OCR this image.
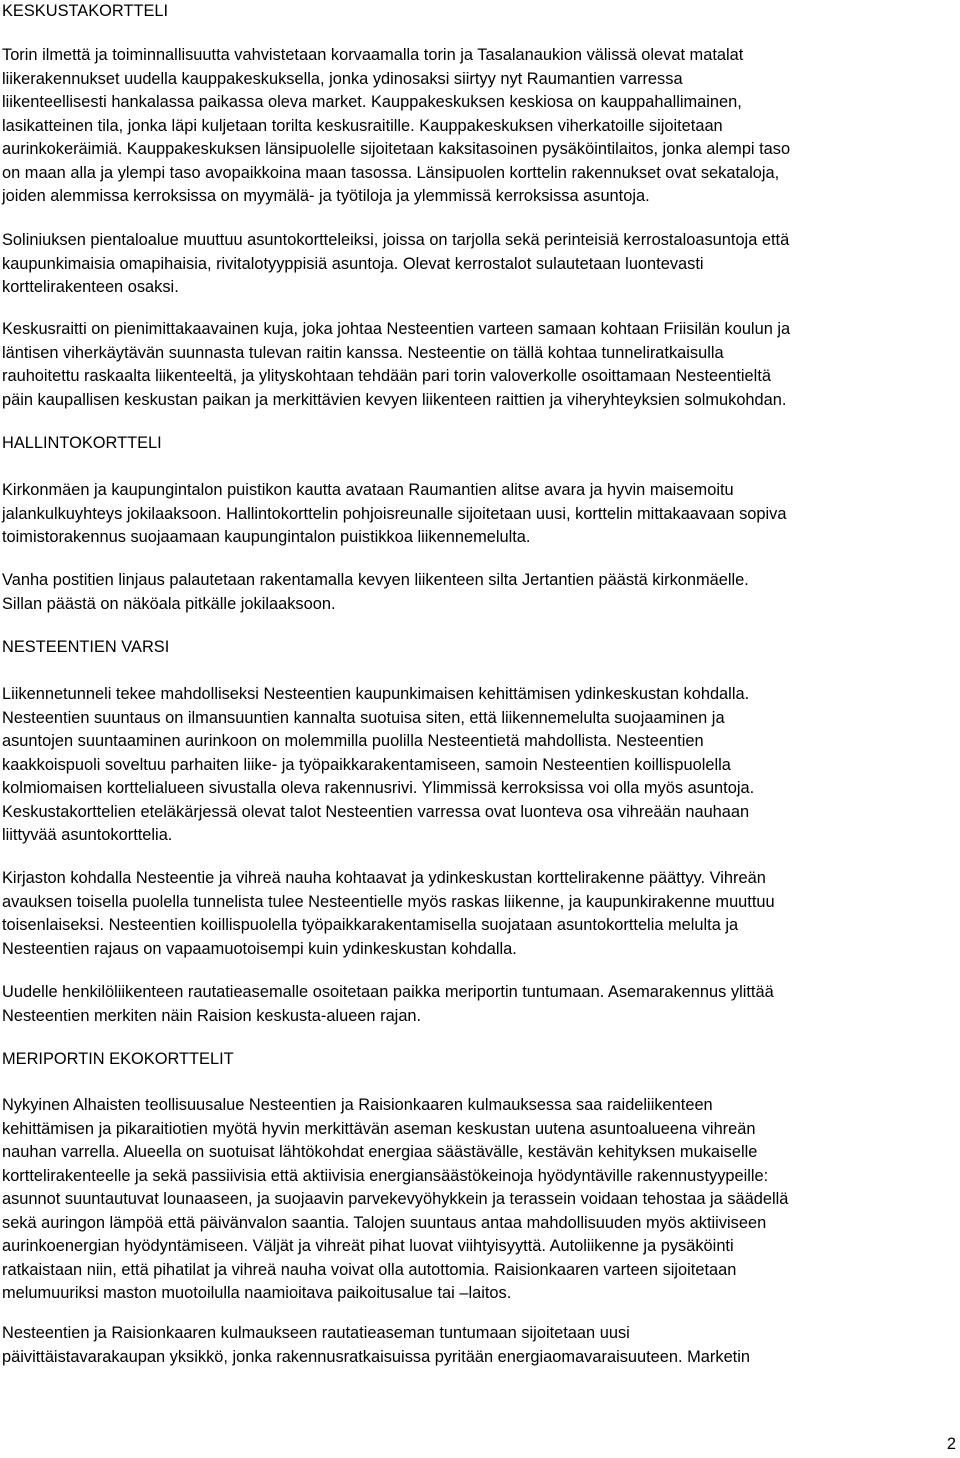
KESKUSTAKORTTELI

Torin ilmettä ja toiminnallisuutta vahvistetaan korvaamalla torin ja Tasalanaukion välissä olevat matalat
liikerakennukset uudella kauppakeskuksella, jonka ydinosaksi siirtyy nyt Raumantien varressa
liikenteellisesti hankalassa paikassa oleva market. Kauppakeskuksen keskiosa on kauppahallimainen,
lasikatteinen tila, jonka läpi kuljetaan torilta keskusraitille. Kauppakeskuksen viherkatoille sijoitetaan
aurinkokeräimiä. Kauppakeskuksen länsipuolelle sijoitetaan kaksitasoinen pysäköintilaitos, jonka alempi taso
on maan alla ja ylempi taso avopaikkoina maan tasossa. Länsipuolen korttelin rakennukset ovat sekataloja,
joiden alemmissa kerroksissa on myymälä- ja työtiloja ja ylemmissä kerroksissa asuntoja.

Soliniuksen pientaloalue muuttuu asuntokortteleiksi, joissa on tarjolla sekä perinteisiä kerrostaloasuntoja että
kaupunkimaisia omapihaisia, rivitalotyyppisiä asuntoja. Olevat kerrostalot sulautetaan luontevasti
korttelirakenteen osaksi.

Keskusraitti on pienimittakaavainen kuja, joka johtaa Nesteentien varteen samaan kohtaan Friisilän koulun ja
läntisen viherkäytävän suunnasta tulevan raitin kanssa. Nesteentie on tällä kohtaa tunneliratkaisulla
rauhoitettu raskaalta liikenteeltä, ja ylityskohtaan tehdään pari torin valoverkolle osoittamaan Nesteentieltä
päin kaupallisen keskustan paikan ja merkittävien kevyen liikenteen raittien ja viheryhteyksien solmukohdan.

HALLINTOKORTTELI

Kirkonmäen ja kaupungintalon puistikon kautta avataan Raumantien alitse avara ja hyvin maisemoitu
jalankulkuyhteys jokilaaksoon. Hallintokorttelin pohjoisreunalle sijoitetaan uusi, korttelin mittakaavaan sopiva
toimistorakennus suojaamaan kaupungintalon puistikkoa liikennemelulta.

Vanha postitien linjaus palautetaan rakentamalla kevyen liikenteen silta Jertantien päästä kirkonmäelle.
Sillan päästä on näköala pitkälle jokilaaksoon.

NESTEENTIEN VARSI

Liikennetunneli tekee mahdolliseksi Nesteentien kaupunkimaisen kehittämisen ydinkeskustan kohdalla.
Nesteentien suuntaus on ilmansuuntien kannalta suotuisa siten, että liikennemelulta suojaaminen ja
asuntojen suuntaaminen aurinkoon on molemmilla puolilla Nesteentietä mahdollista. Nesteentien
kaakkoispuoli soveltuu parhaiten liike- ja työpaikkarakentamiseen, samoin Nesteentien koillispuolella
kolmiomaisen korttelialueen sivustalla oleva rakennusrivi. Ylimmissä kerroksissa voi olla myös asuntoja.
Keskustakorttelien eteläkärjessä olevat talot Nesteentien varressa ovat luonteva osa vihreään nauhaan
liittyvää asuntokorttelia.

Kirjaston kohdalla Nesteentie ja vihreä nauha kohtaavat ja ydinkeskustan korttelirakenne päättyy. Vihreän
avauksen toisella puolella tunnelista tulee Nesteentielle myös raskas liikenne, ja kaupunkirakenne muuttuu
toisenlaiseksi. Nesteentien koillispuolella työpaikkarakentamisella suojataan asuntokorttelia melulta ja
Nesteentien rajaus on vapaamuotoisempi kuin ydinkeskustan kohdalla.

Uudelle henkilöliikenteen rautatieasemalle osoitetaan paikka meriportin tuntumaan. Asemarakennus ylittää
Nesteentien merkiten näin Raision keskusta-alueen rajan.

MERIPORTIN EKOKORTTELIT

Nykyinen Alhaisten teollisuusalue Nesteentien ja Raisionkaaren kulmauksessa saa raideliikenteen
kehittämisen ja pikaraitiotien myötä hyvin merkittävän aseman keskustan uutena asuntoalueena vihreän
nauhan varrella. Alueella on suotuisat lähtökohdat energiaa säästävälle, kestävän kehityksen mukaiselle
korttelirakenteelle ja sekä passiivisia että aktiivisia energiansäästökeinoja hyödyntäville rakennustyypeille:
asunnot suuntautuvat lounaaseen, ja suojaavin parvekevyöhykkein ja terassein voidaan tehostaa ja säädellä
sekä auringon lämpöä että päivänvalon saantia. Talojen suuntaus antaa mahdollisuuden myös aktiiviseen
aurinkoenergian hyödyntämiseen. Väljät ja vihreät pihat luovat viihtyisyyttä. Autoliikenne ja pysäköinti
ratkaistaan niin, että pihatilat ja vihreä nauha voivat olla autottomia. Raisionkaaren varteen sijoitetaan
melumuuriksi maston muotoilulla naamioitava paikoitusalue tai –laitos.

Nesteentien ja Raisionkaaren kulmaukseen rautatieaseman tuntumaan sijoitetaan uusi
päivittäistavarakaupan yksikkö, jonka rakennusratkaisuissa pyritään energiaomavaraisuuteen. Marketin

2
